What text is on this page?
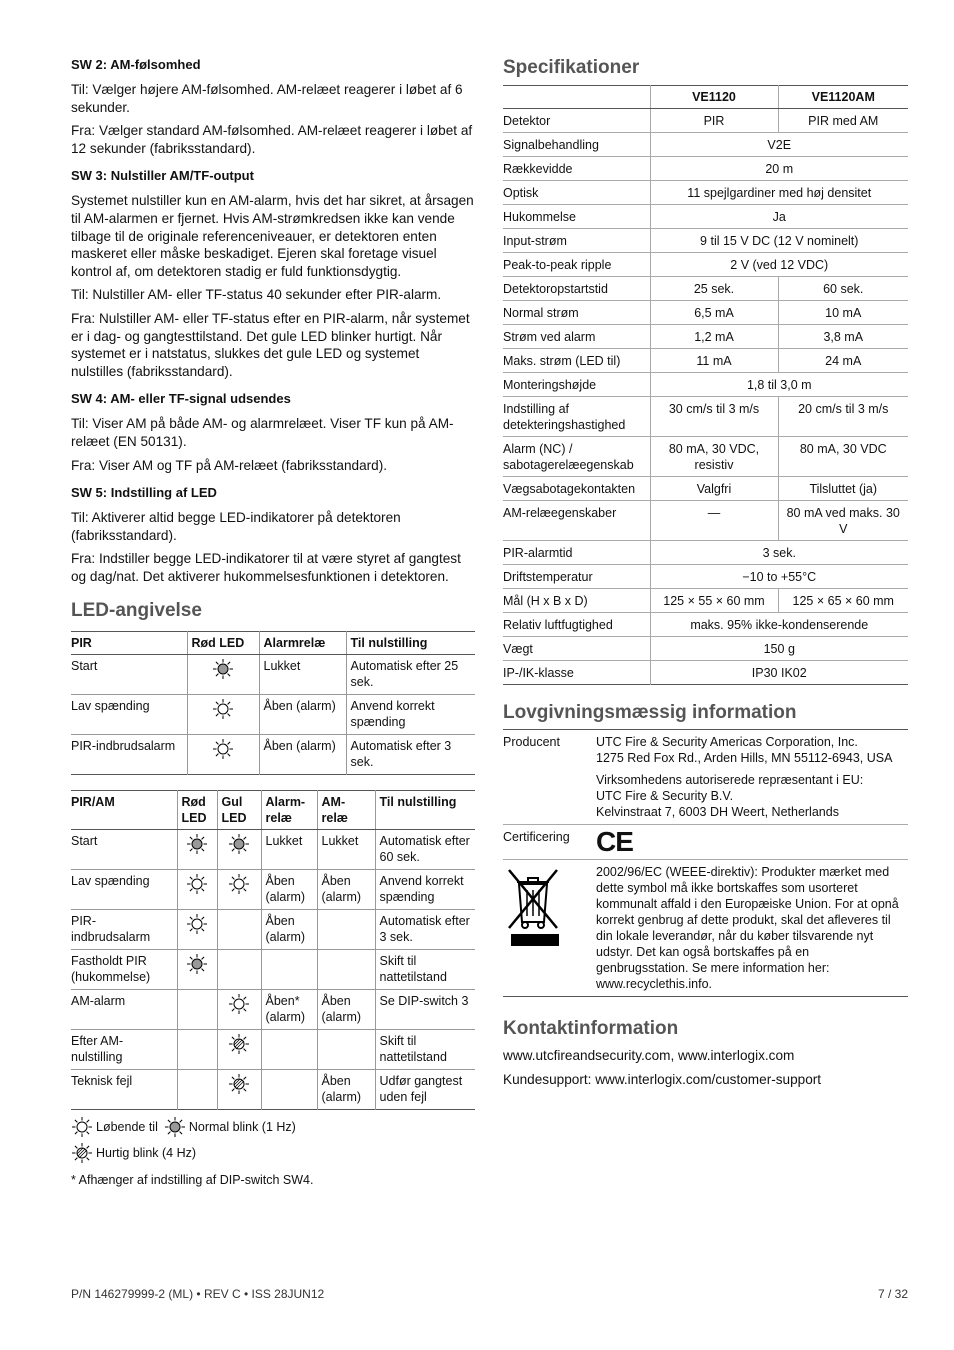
SW 2: AM-følsomhed

Til: Vælger højere AM-følsomhed. AM-relæet reagerer i løbet af 6 sekunder.

Fra: Vælger standard AM-følsomhed. AM-relæet reagerer i løbet af 12 sekunder (fabriksstandard).

SW 3: Nulstiller AM/TF-output

Systemet nulstiller kun en AM-alarm, hvis det har sikret, at årsagen til AM-alarmen er fjernet. Hvis AM-strømkredsen ikke kan vende tilbage til de originale referenceniveauer, er detektoren enten maskeret eller måske beskadiget. Ejeren skal foretage visuel kontrol af, om detektoren stadig er fuld funktionsdygtig.

Til: Nulstiller AM- eller TF-status 40 sekunder efter PIR-alarm.

Fra: Nulstiller AM- eller TF-status efter en PIR-alarm, når systemet er i dag- og gangtesttilstand. Det gule LED blinker hurtigt. Når systemet er i natstatus, slukkes det gule LED og systemet nulstilles (fabriksstandard).

SW 4: AM- eller TF-signal udsendes

Til: Viser AM på både AM- og alarmrelæet. Viser TF kun på AM-relæet (EN 50131).

Fra: Viser AM og TF på AM-relæet (fabriksstandard).

SW 5: Indstilling af LED

Til: Aktiverer altid begge LED-indikatorer på detektoren (fabriksstandard).

Fra: Indstiller begge LED-indikatorer til at være styret af gangtest og dag/nat. Det aktiverer hukommelsesfunktionen i detektoren.

LED-angivelse
PIR	Rød LED	Alarmrelæ	Til nulstilling
Start		Lukket	Automatisk efter 25 sek.
Lav spænding		Åben (alarm)	Anvend korrekt spænding
PIR-indbrudsalarm		Åben (alarm)	Automatisk efter 3 sek.
PIR/AM	Rød LED	Gul LED	Alarm-relæ	AM-relæ	Til nulstilling
Start			Lukket	Lukket	Automatisk efter 60 sek.
Lav spænding			Åben (alarm)	Åben (alarm)	Anvend korrekt spænding
PIR-indbrudsalarm			Åben (alarm)		Automatisk efter 3 sek.
Fastholdt PIR (hukommelse)					Skift til nattetilstand
AM-alarm			Åben* (alarm)	Åben (alarm)	Se DIP-switch 3
Efter AM-nulstilling					Skift til nattetilstand
Teknisk fejl				Åben (alarm)	Udfør gangtest uden fejl
Løbende til Normal blink (1 Hz)
Hurtig blink (4 Hz)
* Afhænger af indstilling af DIP-switch SW4.
Specifikationer
	VE1120	VE1120AM
Detektor	PIR	PIR med AM
Signalbehandling	V2E	
Rækkevidde	20 m	
Optisk	11 spejlgardiner med høj densitet	
Hukommelse	Ja	
Input-strøm	9 til 15 V DC (12 V nominelt)	
Peak-to-peak ripple	2 V (ved 12 VDC)	
Detektoropstartstid	25 sek.	60 sek.
Normal strøm	6,5 mA	10 mA
Strøm ved alarm	1,2 mA	3,8 mA
Maks. strøm (LED til)	11 mA	24 mA
Monteringshøjde	1,8 til 3,0 m	
Indstilling af detekteringshastighed	30 cm/s til 3 m/s	20 cm/s til 3 m/s
Alarm (NC) / sabotagerelæegenskab	80 mA, 30 VDC, resistiv	80 mA, 30 VDC
Vægsabotagekontakten	Valgfri	Tilsluttet (ja)
AM-relæegenskaber	—	80 mA ved maks. 30 V
PIR-alarmtid	3 sek.	
Driftstemperatur	−10 to +55°C	
Mål (H x B x D)	125 × 55 × 60 mm	125 × 65 × 60 mm
Relativ luftfugtighed	maks. 95% ikke-kondenserende	
Vægt	150 g	
IP-/IK-klasse	IP30 IK02	
Lovgivningsmæssig information
Producent	UTC Fire & Security Americas Corporation, Inc.
1275 Red Fox Rd., Arden Hills, MN 55112-6943, USA
Virksomhedens autoriserede repræsentant i EU:
UTC Fire & Security B.V.
Kelvinstraat 7, 6003 DH Weert, Netherlands

Certificering	CE
	2002/96/EC (WEEE-direktiv): Produkter mærket med dette symbol må ikke bortskaffes som usorteret kommunalt affald i den Europæiske Union. For at opnå korrekt genbrug af dette produkt, skal det afleveres til din lokale leverandør, når du køber tilsvarende nyt udstyr. Det kan også bortskaffes på en genbrugsstation. Se mere information her: www.recyclethis.info.
Kontaktinformation
www.utcfireandsecurity.com, www.interlogix.com
Kundesupport: www.interlogix.com/customer-support
P/N 146279999-2 (ML) • REV C • ISS 28JUN12	7 / 32
